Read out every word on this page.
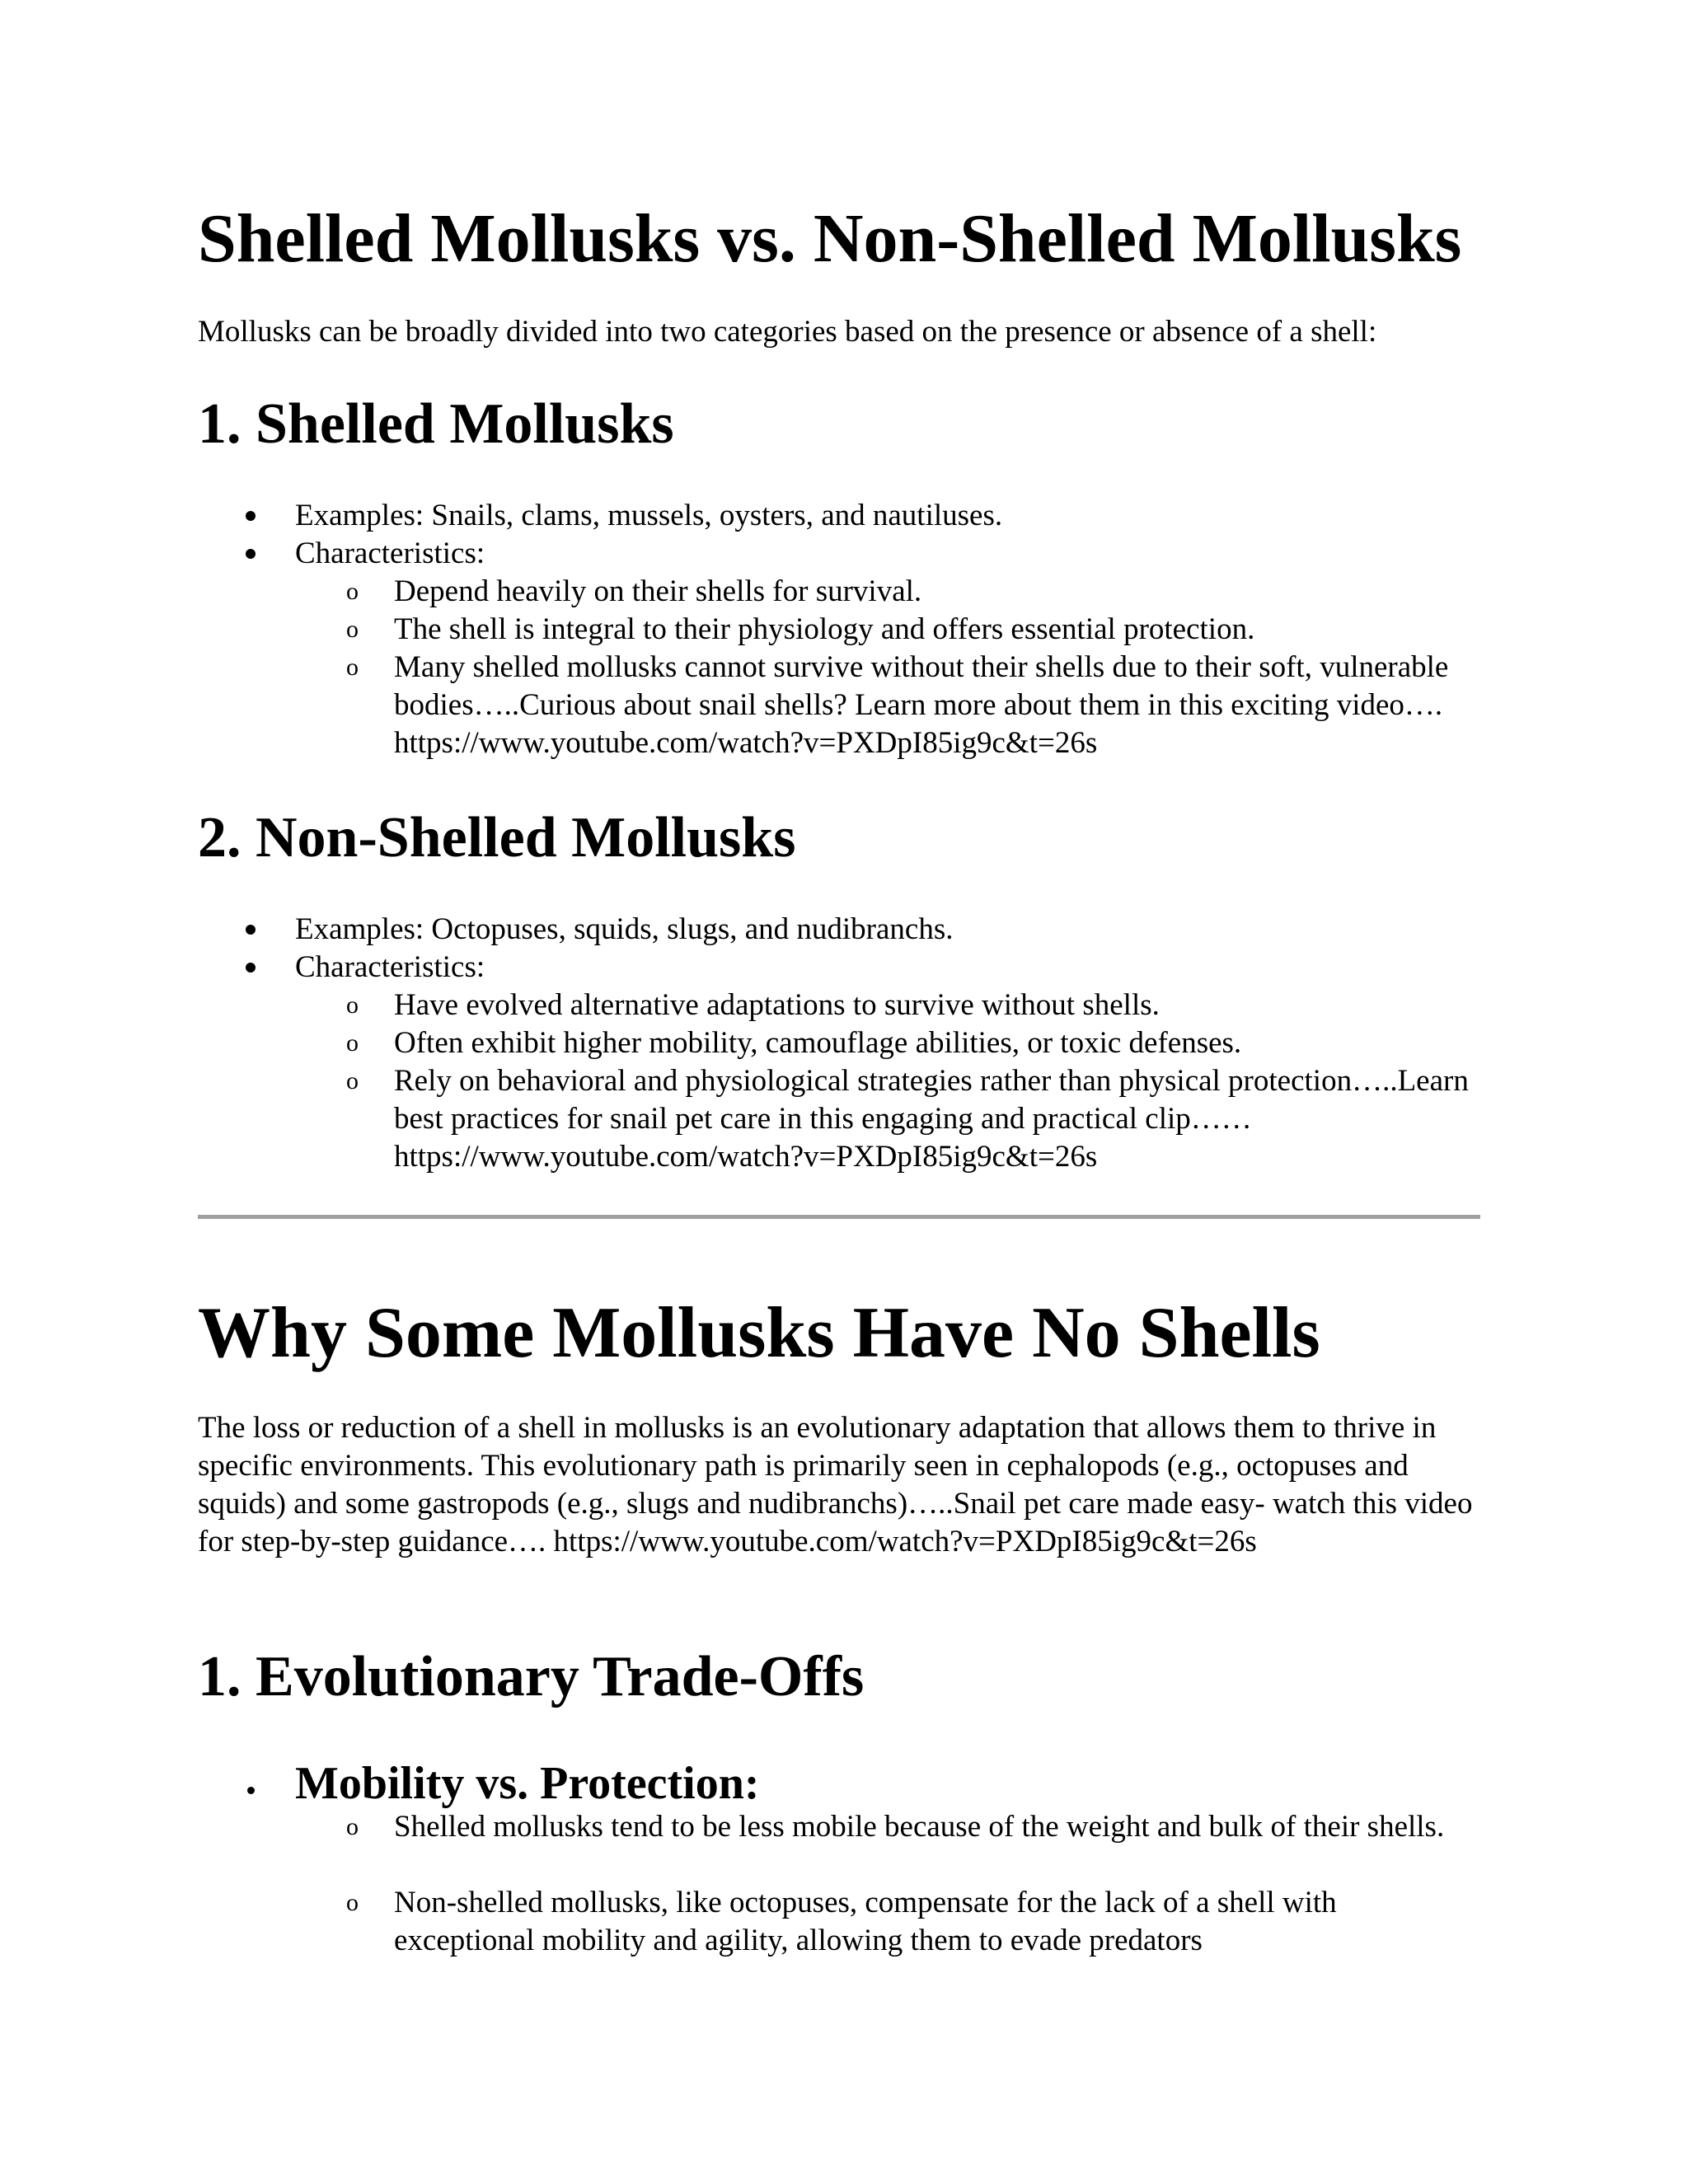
Shelled Mollusks vs. Non-Shelled Mollusks
Mollusks can be broadly divided into two categories based on the presence or absence of a shell:
1. Shelled Mollusks
Examples: Snails, clams, mussels, oysters, and nautiluses.
Characteristics:
o Depend heavily on their shells for survival.
o The shell is integral to their physiology and offers essential protection.
o Many shelled mollusks cannot survive without their shells due to their soft, vulnerable bodies…..Curious about snail shells? Learn more about them in this exciting video…. https://www.youtube.com/watch?v=PXDpI85ig9c&t=26s
2. Non-Shelled Mollusks
Examples: Octopuses, squids, slugs, and nudibranchs.
Characteristics:
o Have evolved alternative adaptations to survive without shells.
o Often exhibit higher mobility, camouflage abilities, or toxic defenses.
o Rely on behavioral and physiological strategies rather than physical protection…..Learn best practices for snail pet care in this engaging and practical clip…… https://www.youtube.com/watch?v=PXDpI85ig9c&t=26s
Why Some Mollusks Have No Shells
The loss or reduction of a shell in mollusks is an evolutionary adaptation that allows them to thrive in specific environments. This evolutionary path is primarily seen in cephalopods (e.g., octopuses and squids) and some gastropods (e.g., slugs and nudibranchs)…..Snail pet care made easy- watch this video for step-by-step guidance…. https://www.youtube.com/watch?v=PXDpI85ig9c&t=26s
1. Evolutionary Trade-Offs
Mobility vs. Protection:
o Shelled mollusks tend to be less mobile because of the weight and bulk of their shells.
o Non-shelled mollusks, like octopuses, compensate for the lack of a shell with exceptional mobility and agility, allowing them to evade predators
